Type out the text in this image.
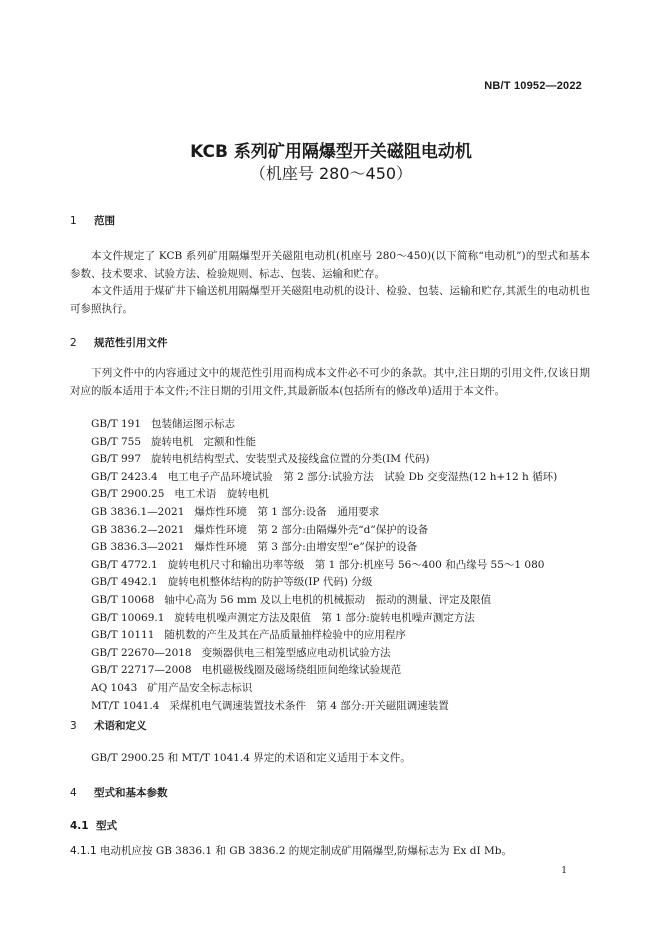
NB/T 10952—2022
KCB 系列矿用隔爆型开关磁阻电动机
（机座号 280～450）
1 范围

本文件规定了 KCB 系列矿用隔爆型开关磁阻电动机(机座号 280～450)(以下简称“电动机”)的型式和基本参数、技术要求、试验方法、检验规则、标志、包装、运输和贮存。

本文件适用于煤矿井下输送机用隔爆型开关磁阻电动机的设计、检验、包装、运输和贮存,其派生的电动机也可参照执行。

2 规范性引用文件

下列文件中的内容通过文中的规范性引用而构成本文件必不可少的条款。其中,注日期的引用文件,仅该日期对应的版本适用于本文件;不注日期的引用文件,其最新版本(包括所有的修改单)适用于本文件。

GB/T 191 包装储运图示标志
GB/T 755 旋转电机　定额和性能
GB/T 997 旋转电机结构型式、安装型式及接线盒位置的分类(IM 代码)
GB/T 2423.4 电工电子产品环境试验　第 2 部分:试验方法　试验 Db 交变湿热(12 h+12 h 循环)
GB/T 2900.25 电工术语　旋转电机
GB 3836.1—2021 爆炸性环境　第 1 部分:设备　通用要求
GB 3836.2—2021 爆炸性环境　第 2 部分:由隔爆外壳“d”保护的设备
GB 3836.3—2021 爆炸性环境　第 3 部分:由增安型“e”保护的设备
GB/T 4772.1 旋转电机尺寸和输出功率等级　第 1 部分:机座号 56～400 和凸缘号 55～1 080
GB/T 4942.1 旋转电机整体结构的防护等级(IP 代码) 分级
GB/T 10068 轴中心高为 56 mm 及以上电机的机械振动　振动的测量、评定及限值
GB/T 10069.1 旋转电机噪声测定方法及限值　第 1 部分:旋转电机噪声测定方法
GB/T 10111 随机数的产生及其在产品质量抽样检验中的应用程序
GB/T 22670—2018 变频器供电三相笼型感应电动机试验方法
GB/T 22717—2008 电机磁极线圈及磁场绕组匝间绝缘试验规范
AQ 1043 矿用产品安全标志标识
MT/T 1041.4 采煤机电气调速装置技术条件　第 4 部分:开关磁阻调速装置
3 术语和定义

GB/T 2900.25 和 MT/T 1041.4 界定的术语和定义适用于本文件。

4 型式和基本参数
4.1 型式
4.1.1 电动机应按 GB 3836.1 和 GB 3836.2 的规定制成矿用隔爆型,防爆标志为 Ex dI Mb。
1
